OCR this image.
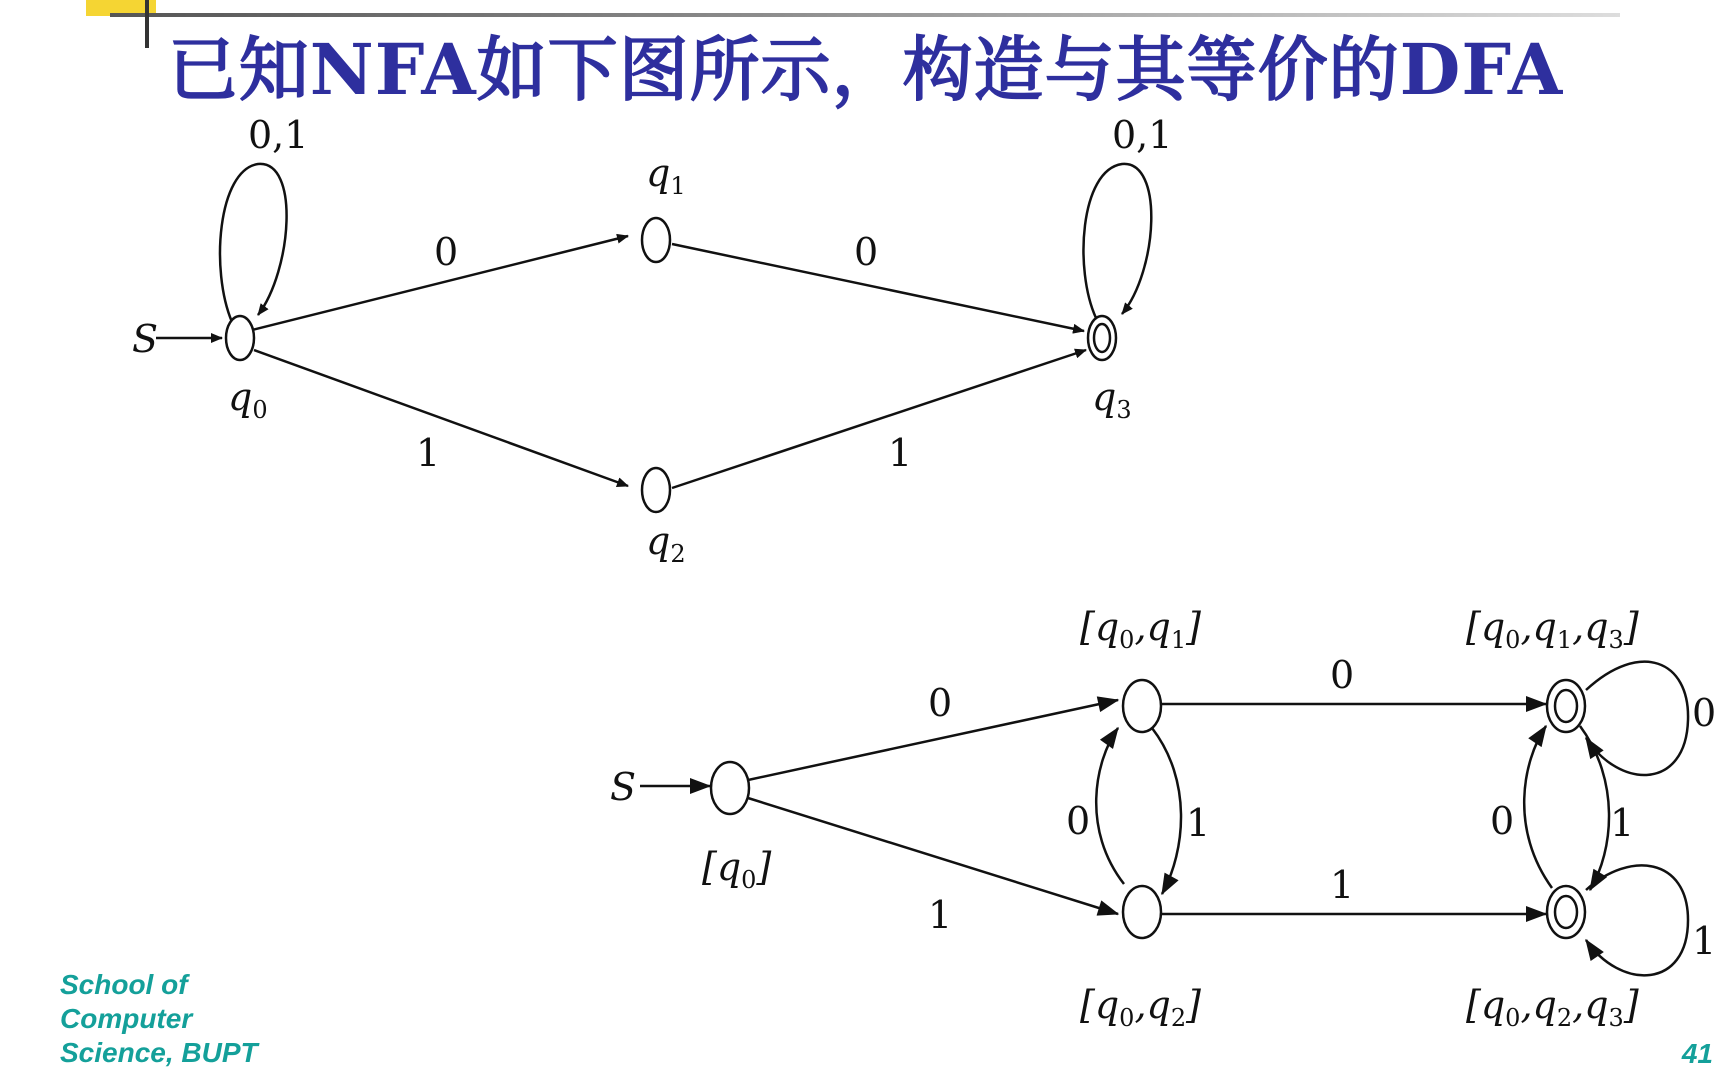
已知NFA如下图所示，构造与其等价的DFA
S
0,1
0
1
0
1
0,1
$q_0$
$q_1$
$q_2$
$q_3$
S
0
1
1
0
0
1
0
1
1
0
$[q_0]$
$[q_0,q_1]$
$[q_0,q_2]$
$[q_0,q_1,q_3]$
$[q_0,q_2,q_3]$
School of
Computer
Science, BUPT	41
